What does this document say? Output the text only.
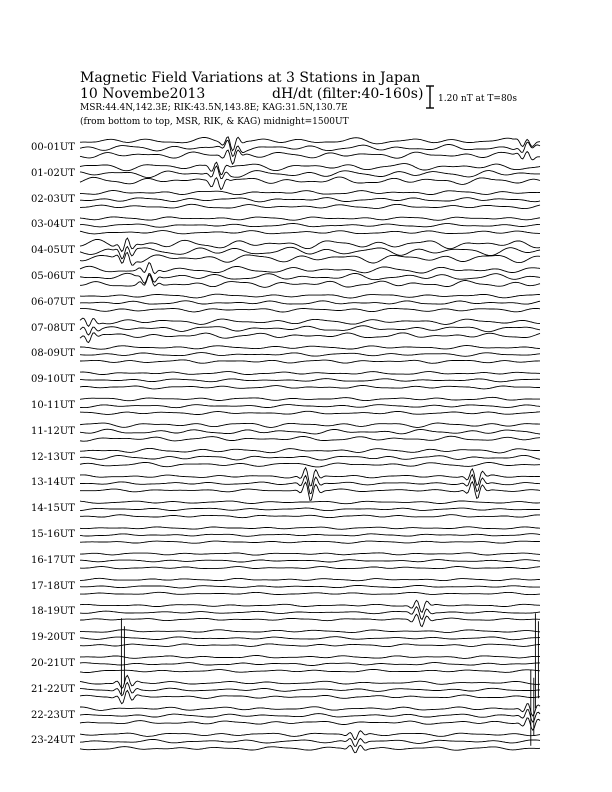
Magnetic Field Variations at 3 Stations in Japan
10 Novembe2013	dH/dt (filter:40-160s)
MSR:44.4N,142.3E; RIK:43.5N,143.8E; KAG:31.5N,130.7E
(from bottom to top, MSR, RIK, & KAG) midnight=1500UT
1.20 nT at T=80s
00-01UT
01-02UT
02-03UT
03-04UT
04-05UT
05-06UT
06-07UT
07-08UT
08-09UT
09-10UT
10-11UT
11-12UT
12-13UT
13-14UT
14-15UT
15-16UT
16-17UT
17-18UT
18-19UT
19-20UT
20-21UT
21-22UT
22-23UT
23-24UT
